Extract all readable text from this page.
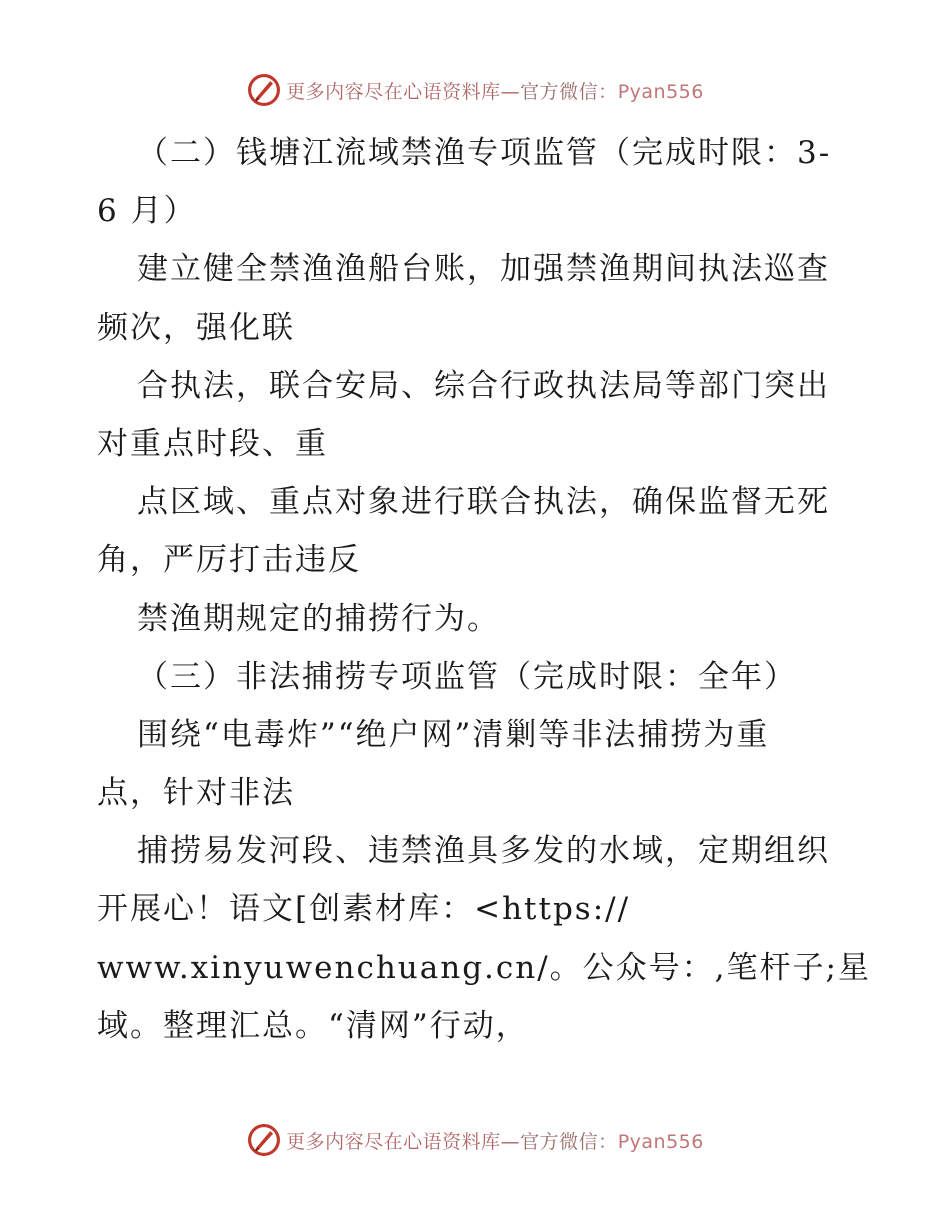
更多内容尽在心语资料库—官方微信：Pyan556
（二）钱塘江流域禁渔专项监管（完成时限：3-
6 月）
建立健全禁渔渔船台账，加强禁渔期间执法巡查
频次，强化联
合执法，联合安局、综合行政执法局等部门突出
对重点时段、重
点区域、重点对象进行联合执法，确保监督无死
角，严厉打击违反
禁渔期规定的捕捞行为。
（三）非法捕捞专项监管（完成时限：全年）
围绕“电毒炸”“绝户网”清剿等非法捕捞为重
点，针对非法
捕捞易发河段、违禁渔具多发的水域，定期组织
开展心！语文[创素材库：<https://
www.xinyuwenchuang.cn/。公众号：,笔杆子;星
域。整理汇总。“清网”行动，
更多内容尽在心语资料库—官方微信：Pyan556
